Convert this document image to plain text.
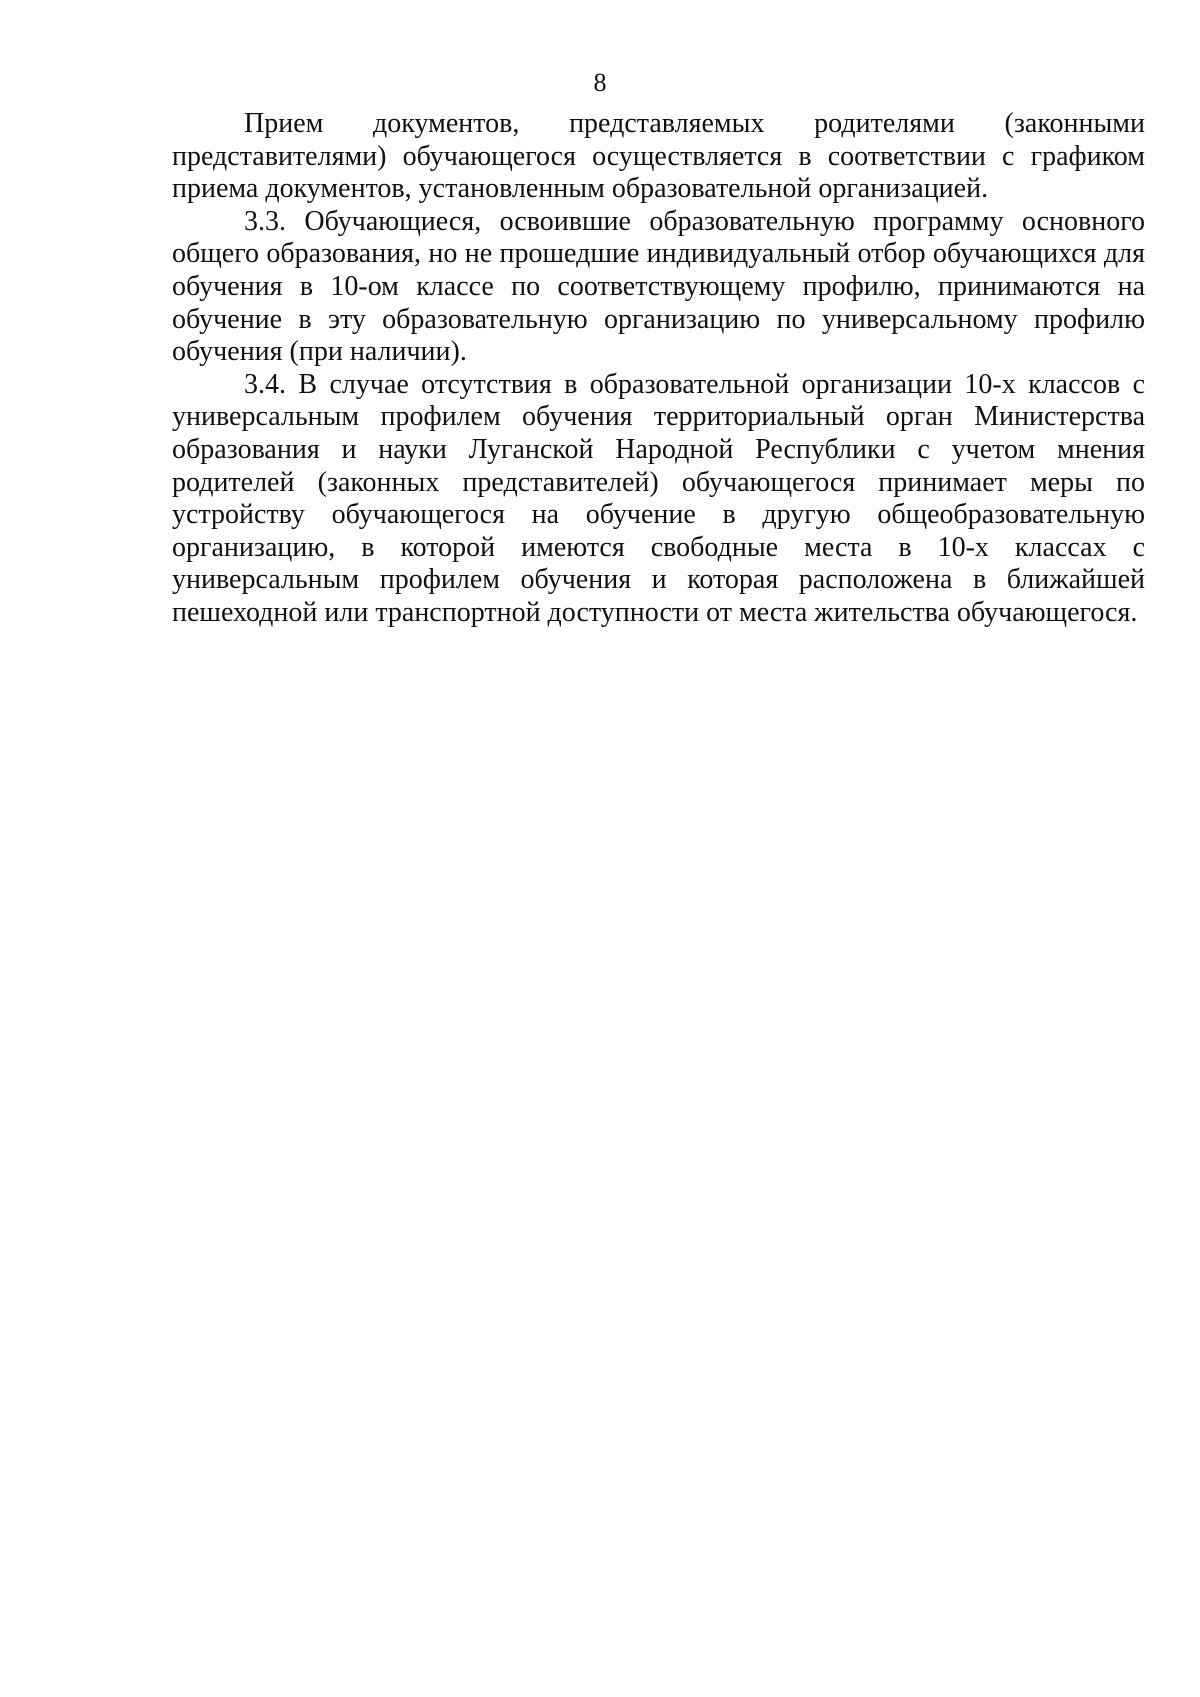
8

Прием документов, представляемых родителями (законными представителями) обучающегося осуществляется в соответствии с графиком приема документов, установленным образовательной организацией.

3.3. Обучающиеся, освоившие образовательную программу основного общего образования, но не прошедшие индивидуальный отбор обучающихся для обучения в 10-ом классе по соответствующему профилю, принимаются на обучение в эту образовательную организацию по универсальному профилю обучения (при наличии).

3.4. В случае отсутствия в образовательной организации 10-х классов с универсальным профилем обучения территориальный орган Министерства образования и науки Луганской Народной Республики с учетом мнения родителей (законных представителей) обучающегося принимает меры по устройству обучающегося на обучение в другую общеобразовательную организацию, в которой имеются свободные места в 10-х классах с универсальным профилем обучения и которая расположена в ближайшей пешеходной или транспортной доступности от места жительства обучающегося.
